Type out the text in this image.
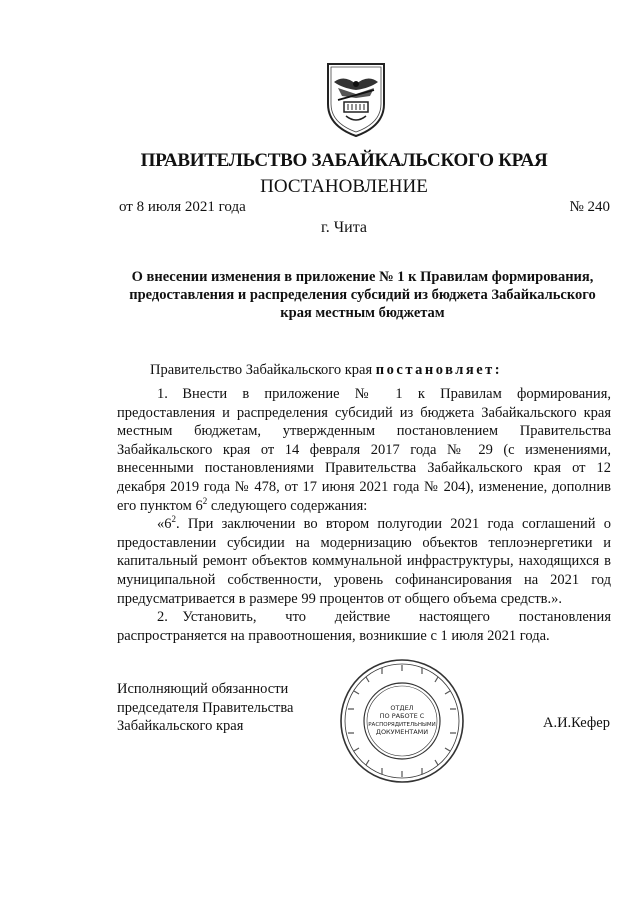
ПРАВИТЕЛЬСТВО ЗАБАЙКАЛЬСКОГО КРАЯ
ПОСТАНОВЛЕНИЕ
от 8 июля 2021 года	№ 240
г. Чита
О внесении изменения в приложение № 1 к Правилам формирования, предоставления и распределения субсидий из бюджета Забайкальского края местным бюджетам
Правительство Забайкальского края постановляет:

1. Внести в приложение № 1 к Правилам формирования, предоставления и распределения субсидий из бюджета Забайкальского края местным бюджетам, утвержденным постановлением Правительства Забайкальского края от 14 февраля 2017 года № 29 (с изменениями, внесенными постановлениями Правительства Забайкальского края от 12 декабря 2019 года № 478, от 17 июня 2021 года № 204), изменение, дополнив его пунктом $6^2$ следующего содержания:

«$6^2$. При заключении во втором полугодии 2021 года соглашений о предоставлении субсидии на модернизацию объектов теплоэнергетики и капитальный ремонт объектов коммунальной инфраструктуры, находящихся в муниципальной собственности, уровень софинансирования на 2021 год предусматривается в размере 99 процентов от общего объема средств.».

2. Установить, что действие настоящего постановления распространяется на правоотношения, возникшие с 1 июля 2021 года.

Исполняющий обязанности
председателя Правительства
Забайкальского края	А.И.Кефер
ОТДЕЛ
ПО РАБОТЕ С
РАСПОРЯДИТЕЛЬНЫМИ
ДОКУМЕНТАМИ
